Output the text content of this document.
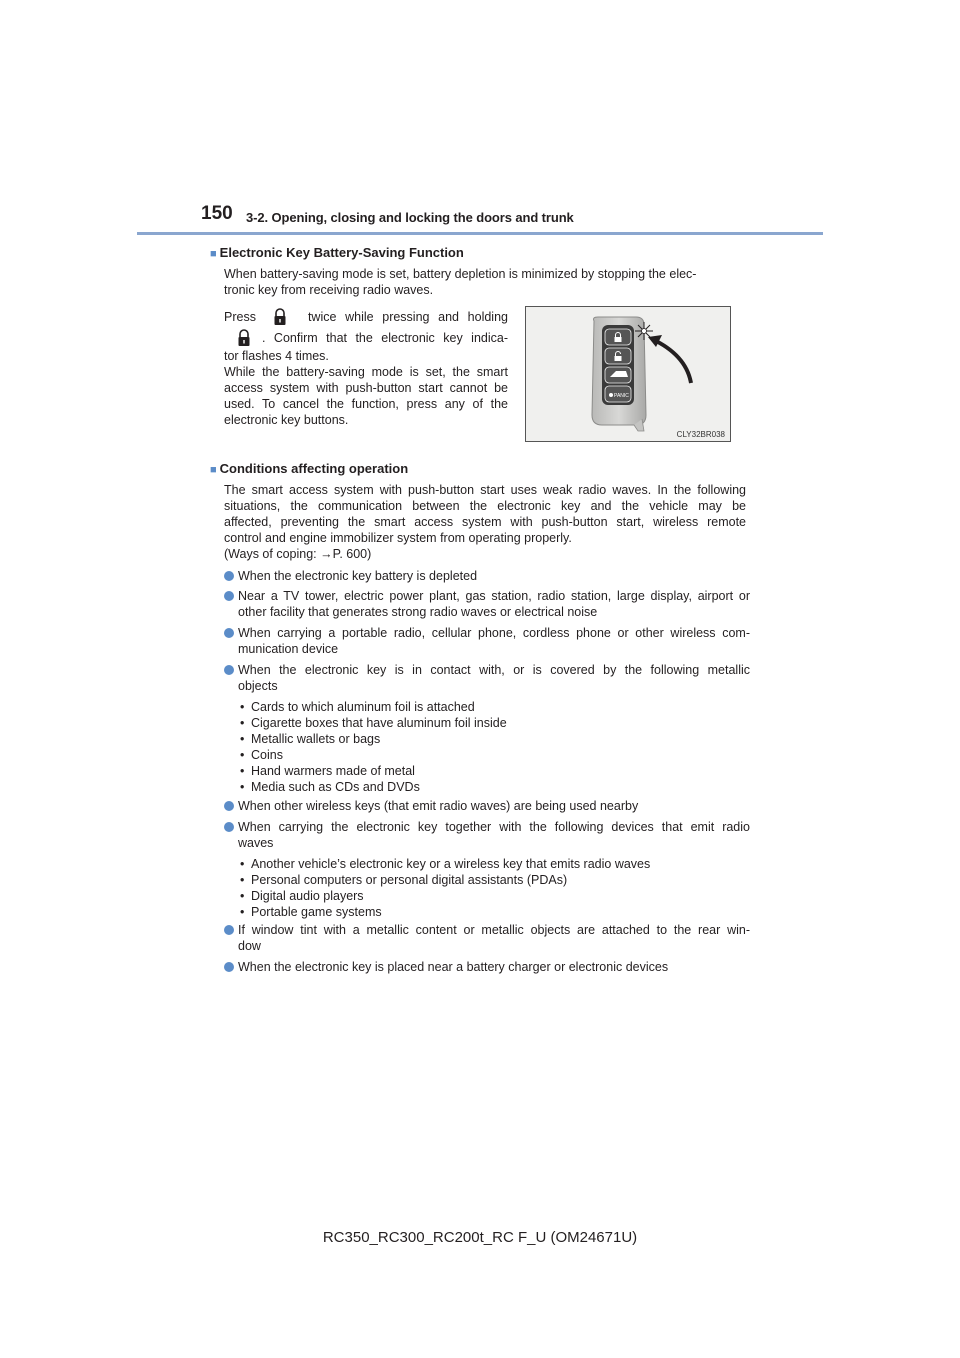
150 3-2. Opening, closing and locking the doors and trunk
■ Electronic Key Battery-Saving Function
When battery-saving mode is set, battery depletion is minimized by stopping the elec-
tronic key from receiving radio waves.
Press	twice while pressing and holding
. Confirm that the electronic key indica-
tor flashes 4 times.
While the battery-saving mode is set, the smart
access system with push-button start cannot be
used. To cancel the function, press any of the
electronic key buttons.
PANIC
CLY32BR038
■ Conditions affecting operation
The smart access system with push-button start uses weak radio waves. In the following
situations, the communication between the electronic key and the vehicle may be
affected, preventing the smart access system with push-button start, wireless remote
control and engine immobilizer system from operating properly.
(Ways of coping: →P. 600)
When the electronic key battery is depleted
Near a TV tower, electric power plant, gas station, radio station, large display, airport or
other facility that generates strong radio waves or electrical noise
When carrying a portable radio, cellular phone, cordless phone or other wireless com-
munication device
When the electronic key is in contact with, or is covered by the following metallic
objects
• Cards to which aluminum foil is attached
• Cigarette boxes that have aluminum foil inside
• Metallic wallets or bags
• Coins
• Hand warmers made of metal
• Media such as CDs and DVDs
When other wireless keys (that emit radio waves) are being used nearby
When carrying the electronic key together with the following devices that emit radio
waves
• Another vehicle’s electronic key or a wireless key that emits radio waves
• Personal computers or personal digital assistants (PDAs)
• Digital audio players
• Portable game systems
If window tint with a metallic content or metallic objects are attached to the rear win-
dow
When the electronic key is placed near a battery charger or electronic devices
RC350_RC300_RC200t_RC F_U (OM24671U)
